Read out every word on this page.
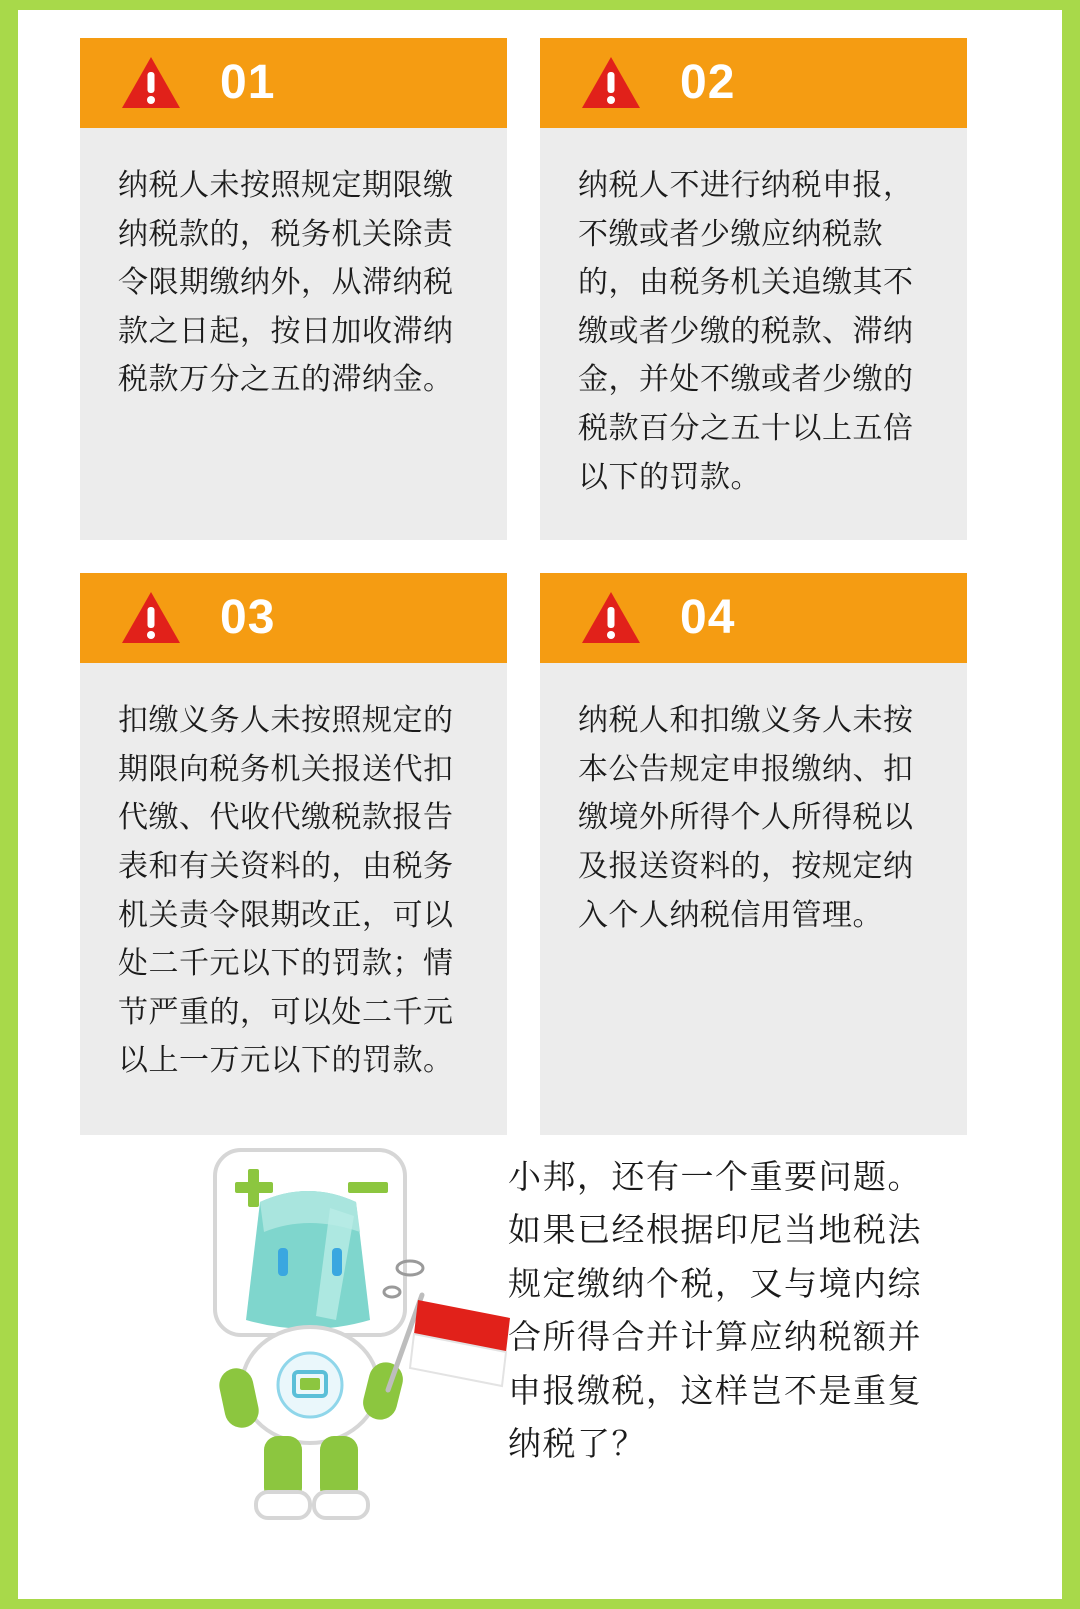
01
纳税人未按照规定期限缴纳税款的，税务机关除责令限期缴纳外，从滞纳税款之日起，按日加收滞纳税款万分之五的滞纳金。
02
纳税人不进行纳税申报，不缴或者少缴应纳税款的，由税务机关追缴其不缴或者少缴的税款、滞纳金，并处不缴或者少缴的税款百分之五十以上五倍以下的罚款。
03
扣缴义务人未按照规定的期限向税务机关报送代扣代缴、代收代缴税款报告表和有关资料的，由税务机关责令限期改正，可以处二千元以下的罚款；情节严重的，可以处二千元以上一万元以下的罚款。
04
纳税人和扣缴义务人未按本公告规定申报缴纳、扣缴境外所得个人所得税以及报送资料的，按规定纳入个人纳税信用管理。
小邦，还有一个重要问题。如果已经根据印尼当地税法规定缴纳个税，又与境内综合所得合并计算应纳税额并申报缴税，这样岂不是重复纳税了？
